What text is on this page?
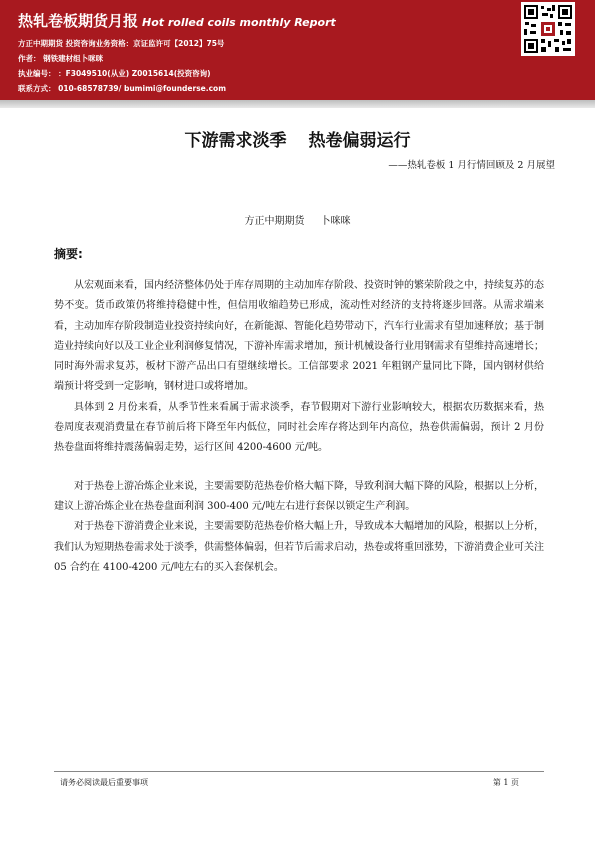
热轧卷板期货月报 Hot rolled coils monthly Report
方正中期期货 投资咨询业务资格：京证监许可【2012】75号
作者： 钢铁建材组卜咪咪
执业编号： ：F3049510(从业) Z0015614(投资咨询)
联系方式： 010-68578739/ bumimi@founderse.com
下游需求淡季 热卷偏弱运行
——热轧卷板 1 月行情回顾及 2 月展望
方正中期期货 卜咪咪
摘要:

从宏观面来看，国内经济整体仍处于库存周期的主动加库存阶段、投资时钟的繁荣阶段之中，持续复苏的态势不变。货币政策仍将维持稳健中性，但信用收缩趋势已形成，流动性对经济的支持将逐步回落。从需求端来看，主动加库存阶段制造业投资持续向好，在新能源、智能化趋势带动下，汽车行业需求有望加速释放；基于制造业持续向好以及工业企业利润修复情况，下游补库需求增加，预计机械设备行业用钢需求有望维持高速增长；同时海外需求复苏，板材下游产品出口有望继续增长。工信部要求 2021 年粗钢产量同比下降，国内钢材供给端预计将受到一定影响，钢材进口或将增加。

具体到 2 月份来看，从季节性来看属于需求淡季，春节假期对下游行业影响较大，根据农历数据来看，热卷周度表观消费量在春节前后将下降至年内低位，同时社会库存将达到年内高位，热卷供需偏弱，预计 2 月份热卷盘面将维持震荡偏弱走势，运行区间 4200-4600 元/吨。

对于热卷上游冶炼企业来说，主要需要防范热卷价格大幅下降，导致利润大幅下降的风险，根据以上分析，建议上游冶炼企业在热卷盘面利润 300-400 元/吨左右进行套保以锁定生产利润。

对于热卷下游消费企业来说，主要需要防范热卷价格大幅上升，导致成本大幅增加的风险，根据以上分析，我们认为短期热卷需求处于淡季，供需整体偏弱，但若节后需求启动，热卷或将重回涨势，下游消费企业可关注 05 合约在 4100-4200 元/吨左右的买入套保机会。

请务必阅读最后重要事项	第 1 页
